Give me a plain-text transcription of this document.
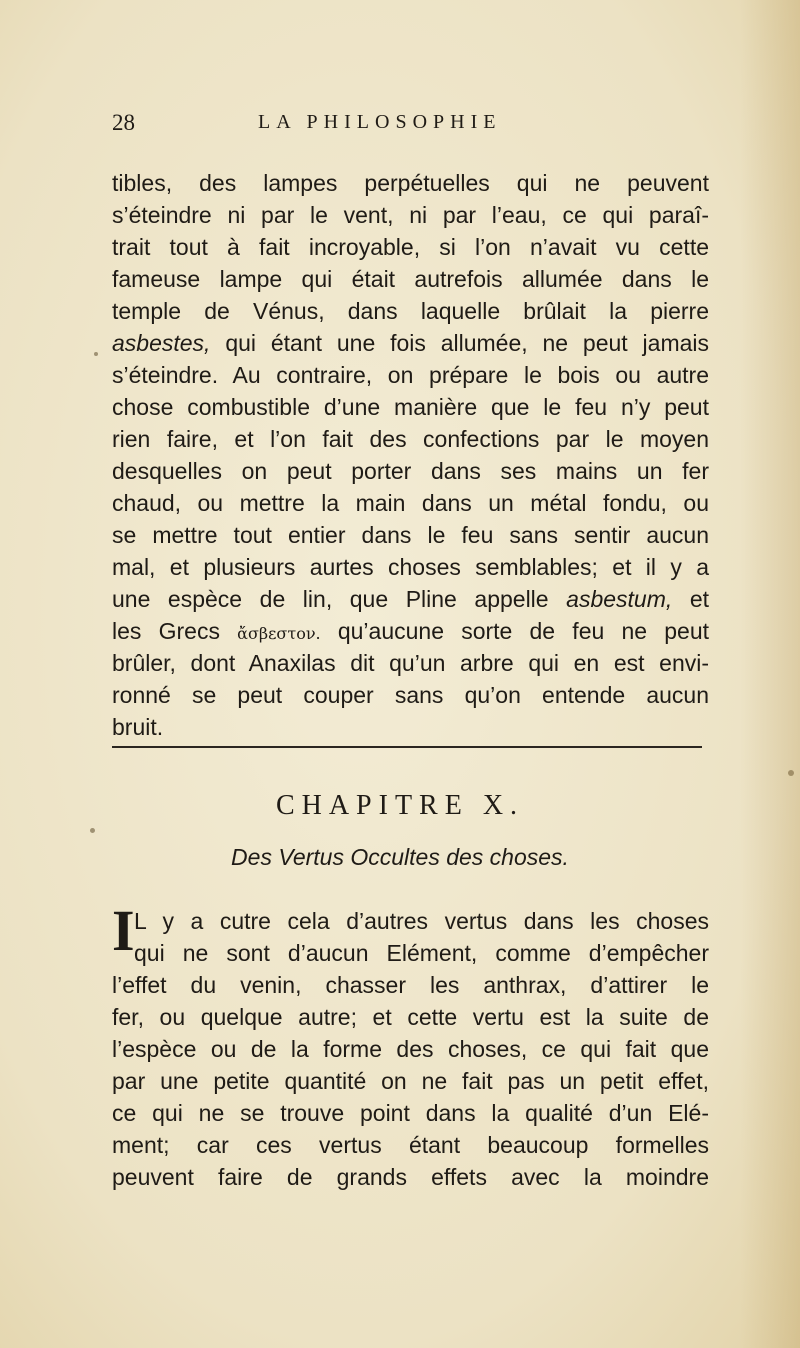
28	LA PHILOSOPHIE
tibles, des lampes perpétuelles qui ne peuvent
s’éteindre ni par le vent, ni par l’eau, ce qui paraî-
trait tout à fait incroyable, si l’on n’avait vu cette
fameuse lampe qui était autrefois allumée dans le
temple de Vénus, dans laquelle brûlait la pierre
asbestes, qui étant une fois allumée, ne peut jamais
s’éteindre. Au contraire, on prépare le bois ou autre
chose combustible d’une manière que le feu n’y peut
rien faire, et l’on fait des confections par le moyen
desquelles on peut porter dans ses mains un fer
chaud, ou mettre la main dans un métal fondu, ou
se mettre tout entier dans le feu sans sentir aucun
mal, et plusieurs aurtes choses semblables; et il y a
une espèce de lin, que Pline appelle asbestum, et
les Grecs ἄσβεστον. qu’aucune sorte de feu ne peut
brûler, dont Anaxilas dit qu’un arbre qui en est envi-
ronné se peut couper sans qu’on entende aucun
bruit.
CHAPITRE X.
Des Vertus Occultes des choses.
I L y a cutre cela d’autres vertus dans les choses
qui ne sont d’aucun Elément, comme d’empêcher
l’effet du venin, chasser les anthrax, d’attirer le
fer, ou quelque autre; et cette vertu est la suite de
l’espèce ou de la forme des choses, ce qui fait que
par une petite quantité on ne fait pas un petit effet,
ce qui ne se trouve point dans la qualité d’un Elé-
ment; car ces vertus étant beaucoup formelles
peuvent faire de grands effets avec la moindre
